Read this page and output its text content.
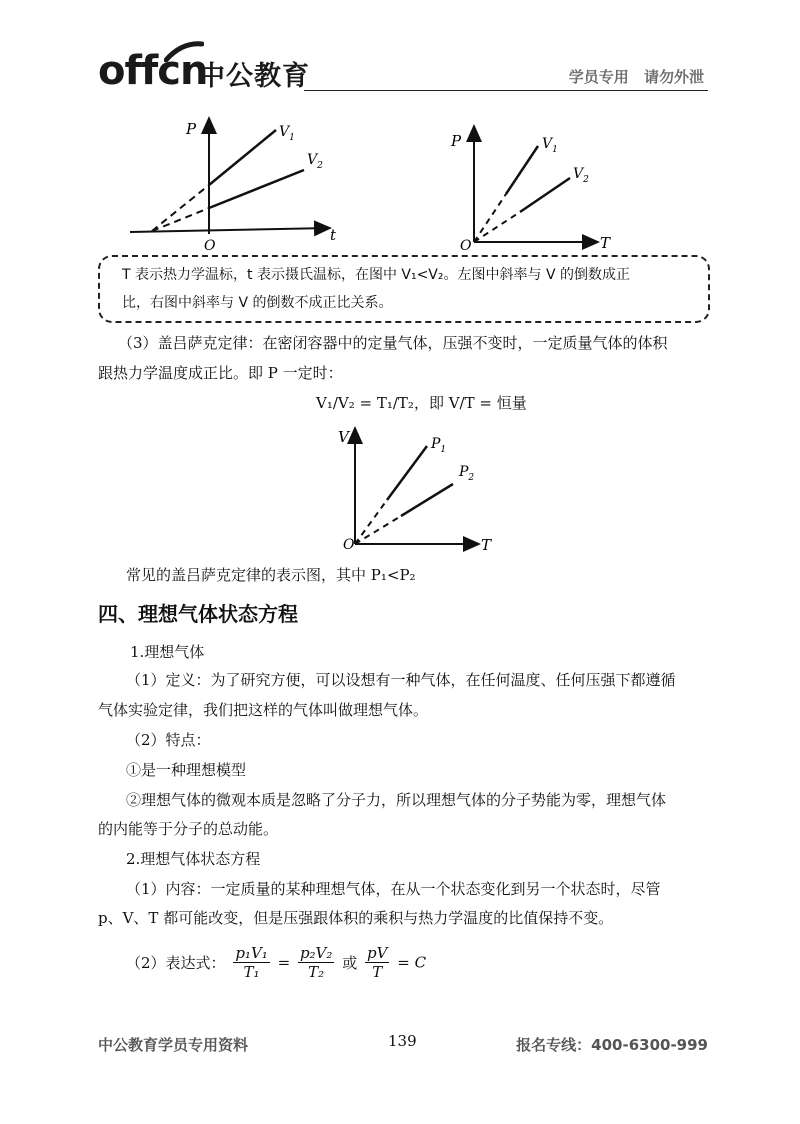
offcn
中公教育	学员专用 请勿外泄
P	$V_1$
$V_2$
O
t
P	$V_1$
$V_2$
O	T
T 表示热力学温标，t 表示摄氏温标，在图中 V₁<V₂。左图中斜率与 V 的倒数成正
比，右图中斜率与 V 的倒数不成正比关系。
（3）盖吕萨克定律：在密闭容器中的定量气体，压强不变时，一定质量气体的体积
跟热力学温度成正比。即 P 一定时：
V₁/V₂ = T₁/T₂，即 V/T = 恒量
V	$P_1$
$P_2$
O	T
常见的盖吕萨克定律的表示图，其中 P₁<P₂
四、理想气体状态方程
1.理想气体
（1）定义：为了研究方便，可以设想有一种气体，在任何温度、任何压强下都遵循
气体实验定律，我们把这样的气体叫做理想气体。
（2）特点：
①是一种理想模型
②理想气体的微观本质是忽略了分子力，所以理想气体的分子势能为零，理想气体
的内能等于分子的总动能。
2.理想气体状态方程
（1）内容：一定质量的某种理想气体，在从一个状态变化到另一个状态时，尽管
p、V、T 都可能改变，但是压强跟体积的乘积与热力学温度的比值保持不变。
（2）表达式： $\frac{\text{p₁V₁}}{\text{T₁}} = \frac{\text{p₂V₂}}{\text{T₂}}$ 或 $\frac{pV}{T} = C$
中公教育学员专用资料	139	报名专线：400-6300-999
